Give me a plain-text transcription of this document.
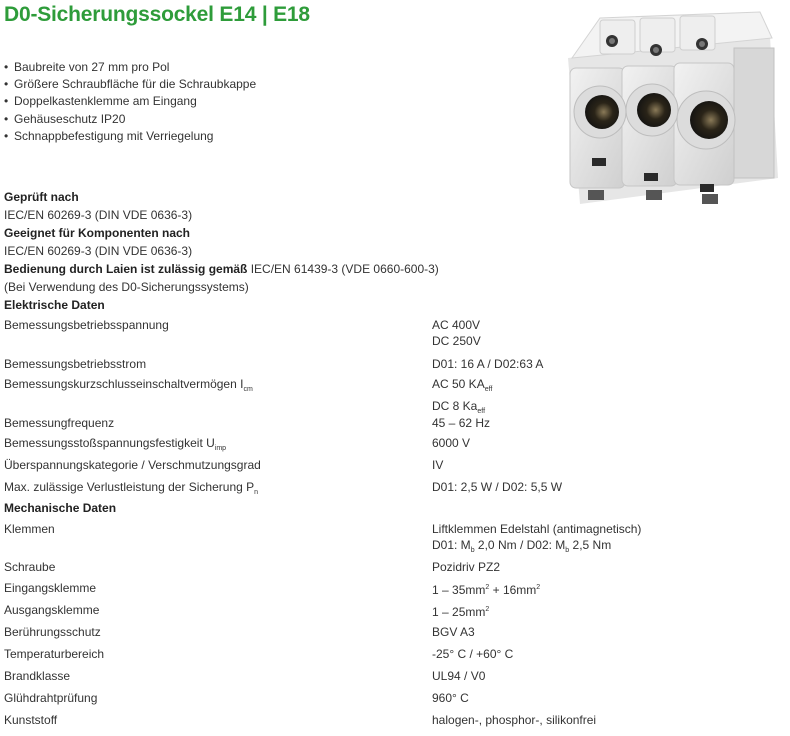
D0-Sicherungssockel E14 | E18
• Baubreite von 27 mm pro Pol
• Größere Schraubfläche für die Schraubkappe
• Doppelkastenklemme am Eingang
• Gehäuseschutz IP20
• Schnappbefestigung mit Verriegelung
Geprüft nach
IEC/EN 60269-3 (DIN VDE 0636-3)
Geeignet für Komponenten nach
IEC/EN 60269-3 (DIN VDE 0636-3)
Bedienung durch Laien ist zulässig gemäß IEC/EN 61439-3 (VDE 0660-600-3)
(Bei Verwendung des D0-Sicherungssystems)
Elektrische Daten
Bemessungsbetriebsspannung	AC 400V
DC 250V
Bemessungsbetriebsstrom	D01: 16 A / D02:63 A
Bemessungskurzschlusseinschaltvermögen $I_{cm}$	AC 50 $KA_{eff}$
DC 8 $Ka_{eff}$
Bemessungfrequenz	45 – 62 Hz
Bemessungsstoßspannungsfestigkeit $U_{imp}$	6000 V
Überspannungskategorie / Verschmutzungsgrad	IV
Max. zulässige Verlustleistung der Sicherung $P_n$	D01: 2,5 W / D02: 5,5 W
Mechanische Daten
Klemmen	Liftklemmen Edelstahl (antimagnetisch)
D01: $M_b$ 2,0 Nm / D02: $M_b$ 2,5 Nm
Schraube	Pozidriv PZ2
Eingangsklemme	$1 - 35mm^2 + 16mm^2$
Ausgangsklemme	$1 - 25mm^2$
Berührungsschutz	BGV A3
Temperaturbereich	-25° C / +60° C
Brandklasse	UL94 / V0
Glühdrahtprüfung	960° C
Kunststoff	halogen-, phosphor-, silikonfrei
